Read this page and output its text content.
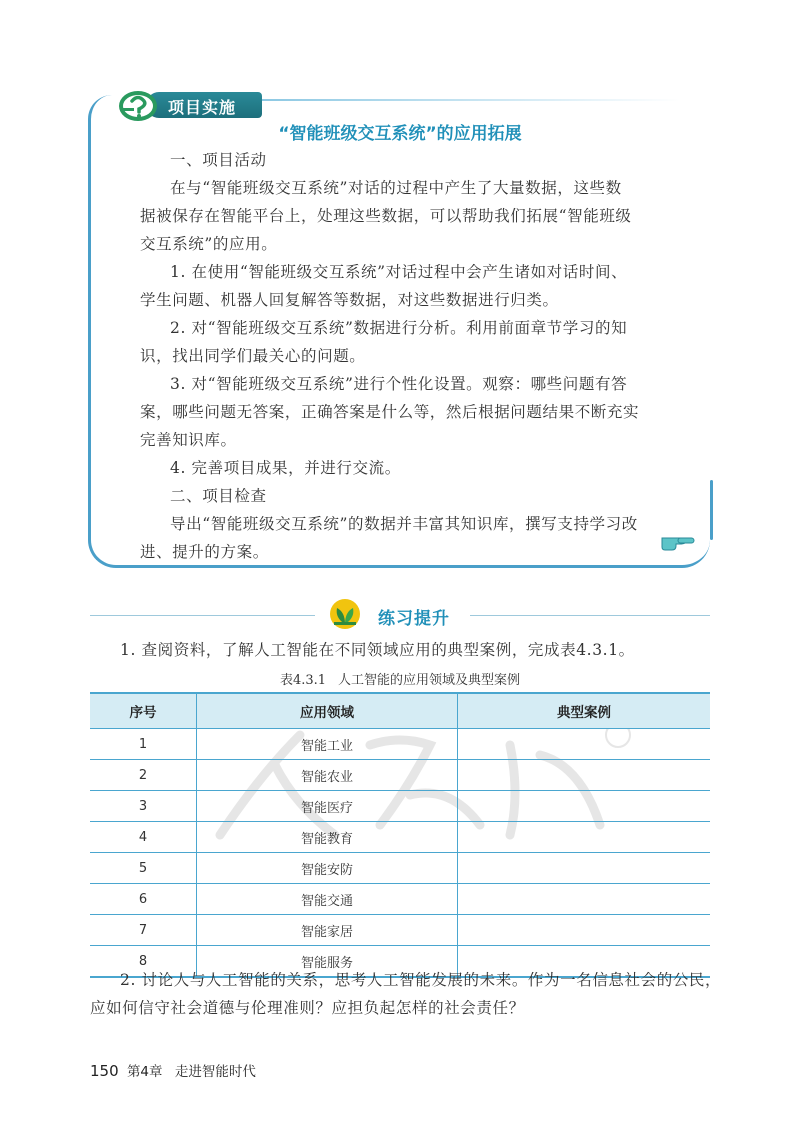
项目实施
“智能班级交互系统”的应用拓展
一、项目活动
在与“智能班级交互系统”对话的过程中产生了大量数据，这些数
据被保存在智能平台上，处理这些数据，可以帮助我们拓展“智能班级
交互系统”的应用。
1. 在使用“智能班级交互系统”对话过程中会产生诸如对话时间、
学生问题、机器人回复解答等数据，对这些数据进行归类。
2. 对“智能班级交互系统”数据进行分析。利用前面章节学习的知
识，找出同学们最关心的问题。
3. 对“智能班级交互系统”进行个性化设置。观察：哪些问题有答
案，哪些问题无答案，正确答案是什么等，然后根据问题结果不断充实
完善知识库。
4. 完善项目成果，并进行交流。
二、项目检查
导出“智能班级交互系统”的数据并丰富其知识库，撰写支持学习改
进、提升的方案。
练习提升
1. 查阅资料，了解人工智能在不同领域应用的典型案例，完成表4.3.1。
表4.3.1 人工智能的应用领域及典型案例
序号	应用领域	典型案例
1	智能工业	
2	智能农业	
3	智能医疗	
4	智能教育	
5	智能安防	
6	智能交通	
7	智能家居	
8	智能服务	
2. 讨论人与人工智能的关系，思考人工智能发展的未来。作为一名信息社会的公民，
应如何信守社会道德与伦理准则？应担负起怎样的社会责任？
150 第4章 走进智能时代
